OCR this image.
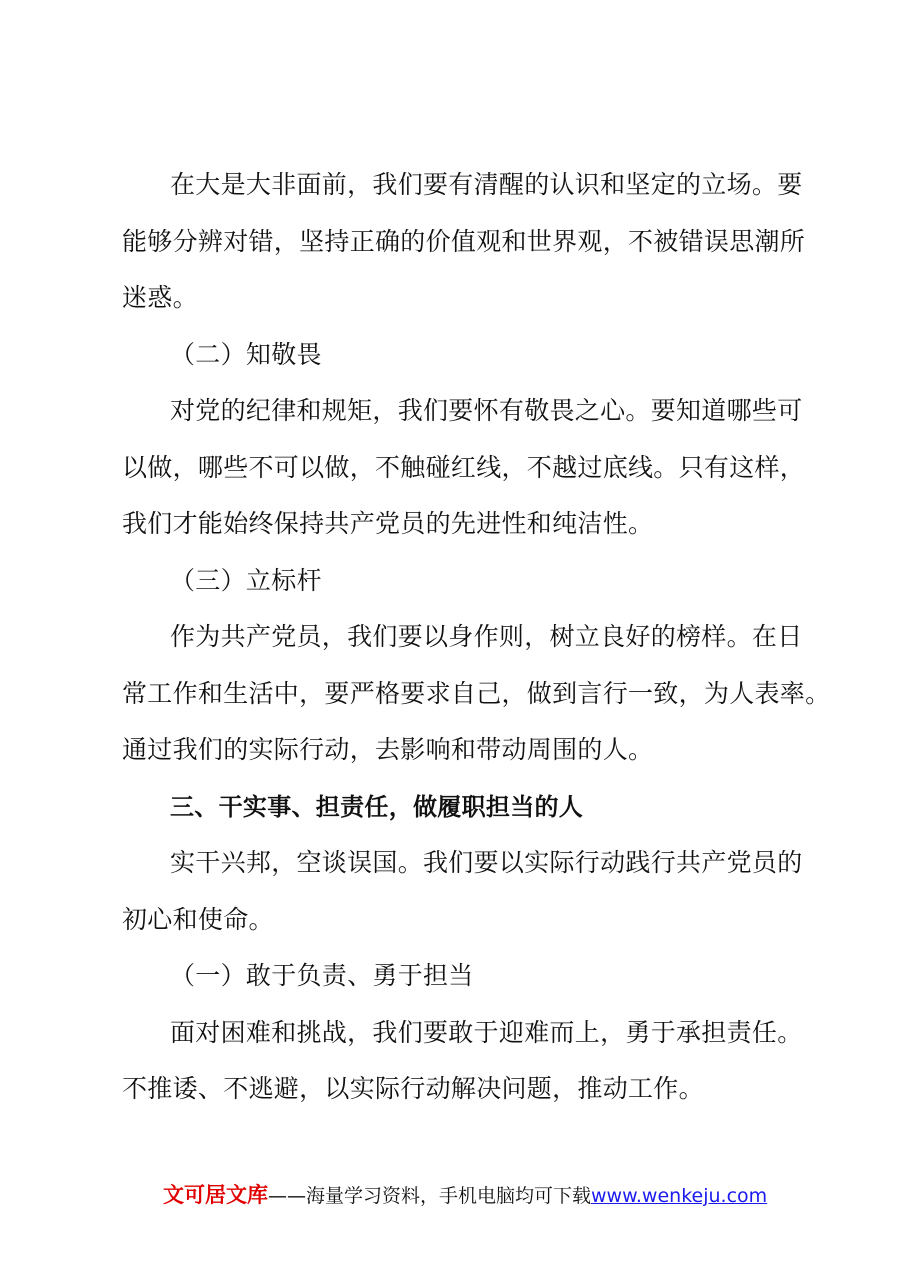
在大是大非面前，我们要有清醒的认识和坚定的立场。要
能够分辨对错，坚持正确的价值观和世界观，不被错误思潮所
迷惑。
（二）知敬畏
对党的纪律和规矩，我们要怀有敬畏之心。要知道哪些可
以做，哪些不可以做，不触碰红线，不越过底线。只有这样，
我们才能始终保持共产党员的先进性和纯洁性。
（三）立标杆
作为共产党员，我们要以身作则，树立良好的榜样。在日
常工作和生活中，要严格要求自己，做到言行一致，为人表率。
通过我们的实际行动，去影响和带动周围的人。
三、干实事、担责任，做履职担当的人
实干兴邦，空谈误国。我们要以实际行动践行共产党员的
初心和使命。
（一）敢于负责、勇于担当
面对困难和挑战，我们要敢于迎难而上，勇于承担责任。
不推诿、不逃避，以实际行动解决问题，推动工作。
文可居文库——海量学习资料，手机电脑均可下载www.wenkeju.com
